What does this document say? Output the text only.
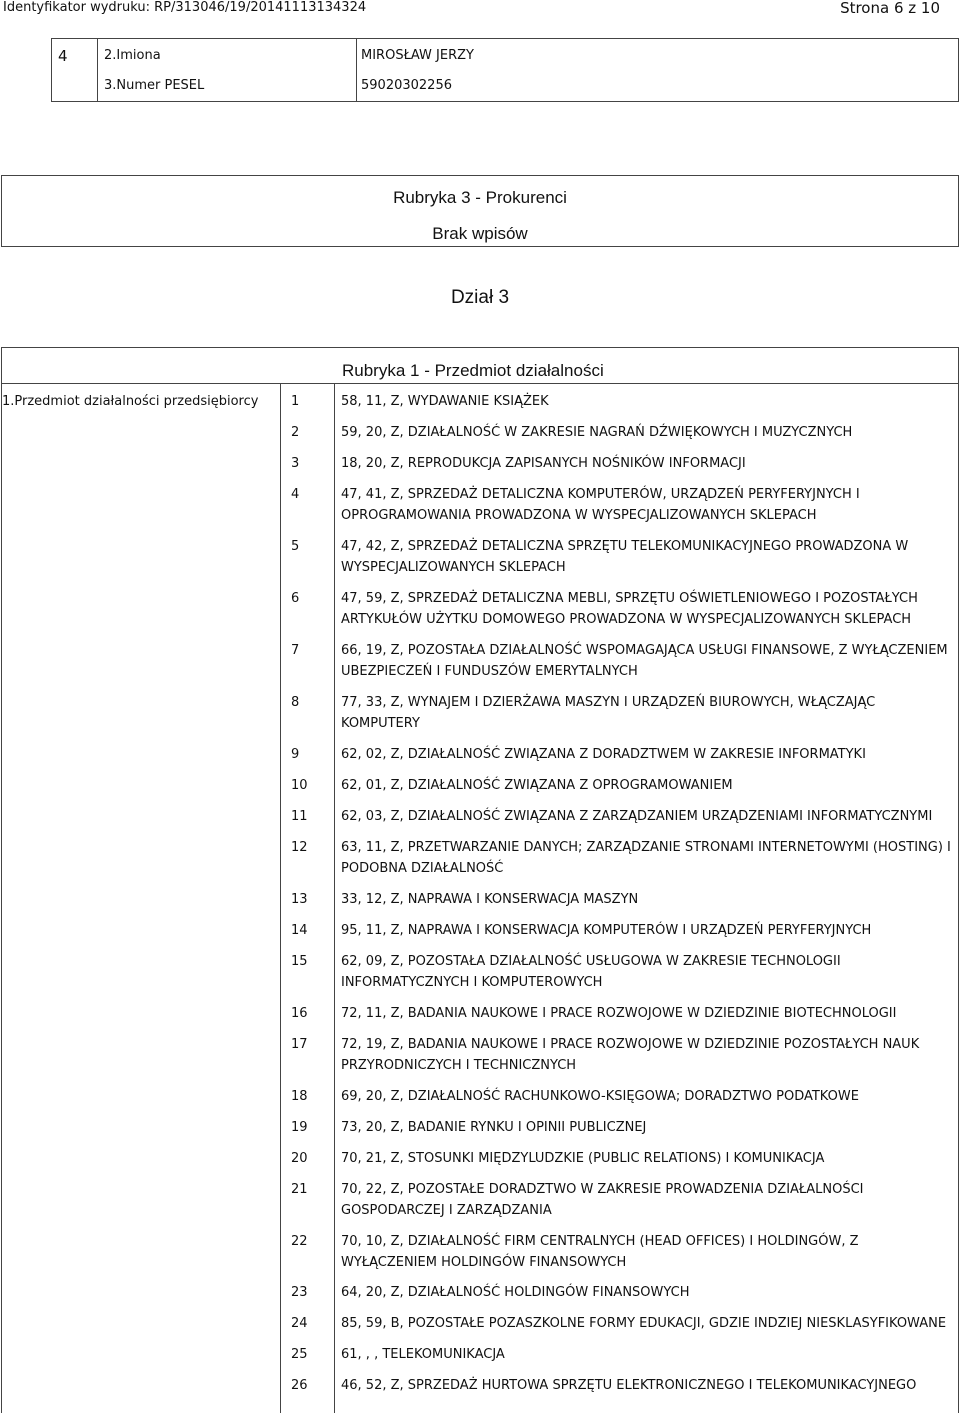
Identyfikator wydruku: RP/313046/19/20141113134324	Strona 6 z 10
4	2.Imiona	MIROSŁAW JERZY
3.Numer PESEL	59020302256
Rubryka 3 - Prokurenci
Brak wpisów
Dział 3
Rubryka 1 - Przedmiot działalności
1.Przedmiot działalności przedsiębiorcy	1	58, 11, Z, WYDAWANIE KSIĄŻEK
2	59, 20, Z, DZIAŁALNOŚĆ W ZAKRESIE NAGRAŃ DŹWIĘKOWYCH I MUZYCZNYCH
3	18, 20, Z, REPRODUKCJA ZAPISANYCH NOŚNIKÓW INFORMACJI
4	47, 41, Z, SPRZEDAŻ DETALICZNA KOMPUTERÓW, URZĄDZEŃ PERYFERYJNYCH I OPROGRAMOWANIA PROWADZONA W WYSPECJALIZOWANYCH SKLEPACH
5	47, 42, Z, SPRZEDAŻ DETALICZNA SPRZĘTU TELEKOMUNIKACYJNEGO PROWADZONA W WYSPECJALIZOWANYCH SKLEPACH
6	47, 59, Z, SPRZEDAŻ DETALICZNA MEBLI, SPRZĘTU OŚWIETLENIOWEGO I POZOSTAŁYCH ARTYKUŁÓW UŻYTKU DOMOWEGO PROWADZONA W WYSPECJALIZOWANYCH SKLEPACH
7	66, 19, Z, POZOSTAŁA DZIAŁALNOŚĆ WSPOMAGAJĄCA USŁUGI FINANSOWE, Z WYŁĄCZENIEM UBEZPIECZEŃ I FUNDUSZÓW EMERYTALNYCH
8	77, 33, Z, WYNAJEM I DZIERŻAWA MASZYN I URZĄDZEŃ BIUROWYCH, WŁĄCZAJĄC KOMPUTERY
9	62, 02, Z, DZIAŁALNOŚĆ ZWIĄZANA Z DORADZTWEM W ZAKRESIE INFORMATYKI
10	62, 01, Z, DZIAŁALNOŚĆ ZWIĄZANA Z OPROGRAMOWANIEM
11	62, 03, Z, DZIAŁALNOŚĆ ZWIĄZANA Z ZARZĄDZANIEM URZĄDZENIAMI INFORMATYCZNYMI
12	63, 11, Z, PRZETWARZANIE DANYCH; ZARZĄDZANIE STRONAMI INTERNETOWYMI (HOSTING) I PODOBNA DZIAŁALNOŚĆ
13	33, 12, Z, NAPRAWA I KONSERWACJA MASZYN
14	95, 11, Z, NAPRAWA I KONSERWACJA KOMPUTERÓW I URZĄDZEŃ PERYFERYJNYCH
15	62, 09, Z, POZOSTAŁA DZIAŁALNOŚĆ USŁUGOWA W ZAKRESIE TECHNOLOGII INFORMATYCZNYCH I KOMPUTEROWYCH
16	72, 11, Z, BADANIA NAUKOWE I PRACE ROZWOJOWE W DZIEDZINIE BIOTECHNOLOGII
17	72, 19, Z, BADANIA NAUKOWE I PRACE ROZWOJOWE W DZIEDZINIE POZOSTAŁYCH NAUK PRZYRODNICZYCH I TECHNICZNYCH
18	69, 20, Z, DZIAŁALNOŚĆ RACHUNKOWO-KSIĘGOWA; DORADZTWO PODATKOWE
19	73, 20, Z, BADANIE RYNKU I OPINII PUBLICZNEJ
20	70, 21, Z, STOSUNKI MIĘDZYLUDZKIE (PUBLIC RELATIONS) I KOMUNIKACJA
21	70, 22, Z, POZOSTAŁE DORADZTWO W ZAKRESIE PROWADZENIA DZIAŁALNOŚCI GOSPODARCZEJ I ZARZĄDZANIA
22	70, 10, Z, DZIAŁALNOŚĆ FIRM CENTRALNYCH (HEAD OFFICES) I HOLDINGÓW, Z WYŁĄCZENIEM HOLDINGÓW FINANSOWYCH
23	64, 20, Z, DZIAŁALNOŚĆ HOLDINGÓW FINANSOWYCH
24	85, 59, B, POZOSTAŁE POZASZKOLNE FORMY EDUKACJI, GDZIE INDZIEJ NIESKLASYFIKOWANE
25	61, , , TELEKOMUNIKACJA
26	46, 52, Z, SPRZEDAŻ HURTOWA SPRZĘTU ELEKTRONICZNEGO I TELEKOMUNIKACYJNEGO
